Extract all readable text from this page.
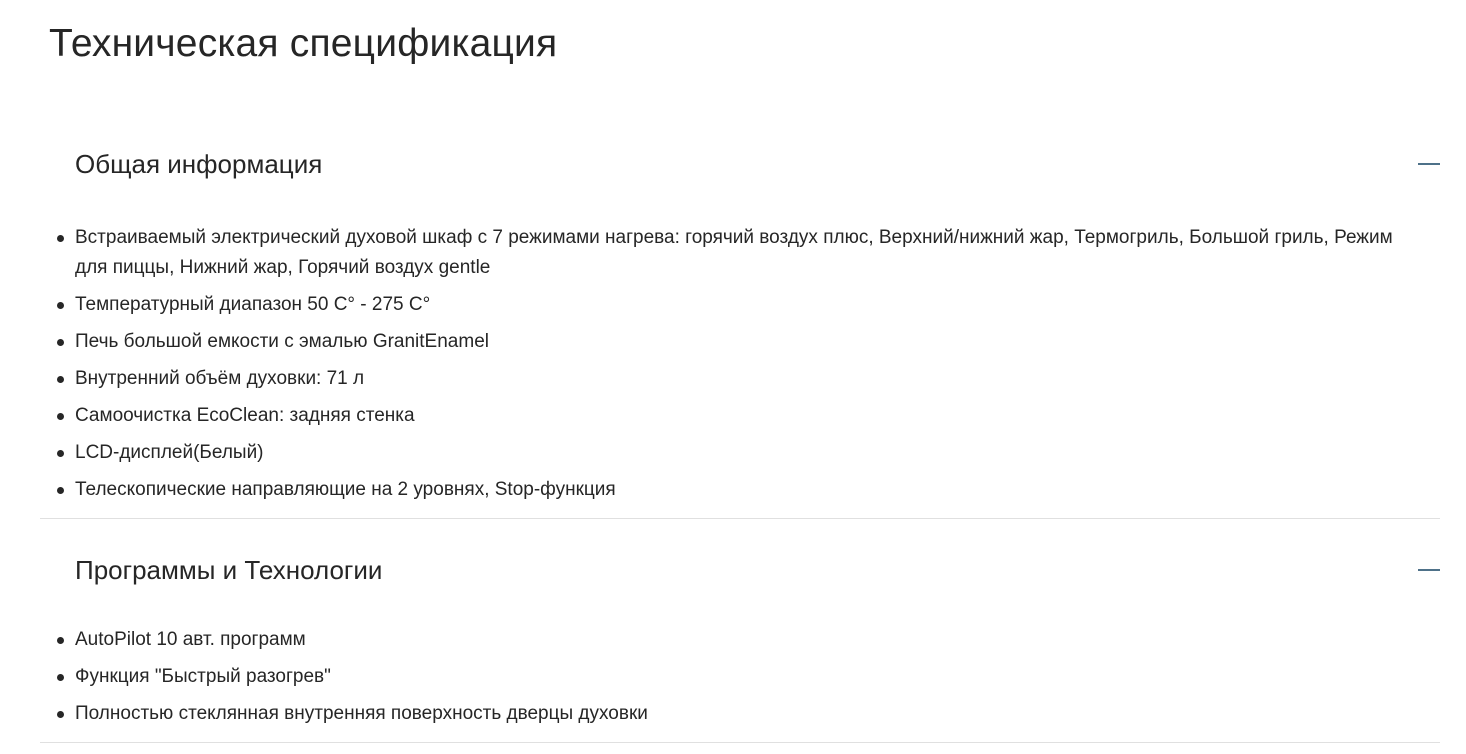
Техническая спецификация
Общая информация
Встраиваемый электрический духовой шкаф с 7 режимами нагрева: горячий воздух плюс, Верхний/нижний жар, Термогриль, Большой гриль, Режим для пиццы, Нижний жар, Горячий воздух gentle
Температурный диапазон 50 C° - 275 C°
Печь большой емкости с эмалью GranitEnamel
Внутренний объём духовки: 71 л
Самоочистка EcoClean: задняя стенка
LCD-дисплей(Белый)
Телескопические направляющие на 2 уровнях, Stop-функция
Программы и Технологии
AutoPilot 10 авт. программ
Функция "Быстрый разогрев"
Полностью стеклянная внутренняя поверхность дверцы духовки
